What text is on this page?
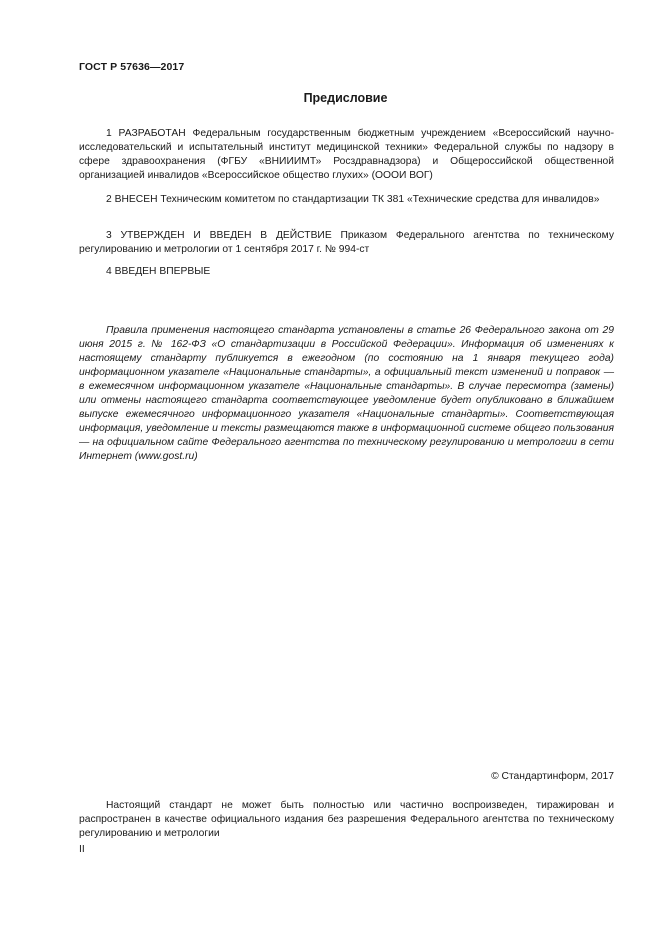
ГОСТ Р 57636—2017
Предисловие

1 РАЗРАБОТАН Федеральным государственным бюджетным учреждением «Всероссийский научно-исследовательский и испытательный институт медицинской техники» Федеральной службы по надзору в сфере здравоохранения (ФГБУ «ВНИИИМТ» Росздравнадзора) и Общероссийской общественной организацией инвалидов «Всероссийское общество глухих» (ОООИ ВОГ)

2 ВНЕСЕН Техническим комитетом по стандартизации ТК 381 «Технические средства для инвалидов»

3 УТВЕРЖДЕН И ВВЕДЕН В ДЕЙСТВИЕ Приказом Федерального агентства по техническому регулированию и метрологии от 1 сентября 2017 г. № 994-ст

4 ВВЕДЕН ВПЕРВЫЕ

Правила применения настоящего стандарта установлены в статье 26 Федерального закона от 29 июня 2015 г. № 162-ФЗ «О стандартизации в Российской Федерации». Информация об изменениях к настоящему стандарту публикуется в ежегодном (по состоянию на 1 января текущего года) информационном указателе «Национальные стандарты», а официальный текст изменений и поправок — в ежемесячном информационном указателе «Национальные стандарты». В случае пересмотра (замены) или отмены настоящего стандарта соответствующее уведомление будет опубликовано в ближайшем выпуске ежемесячного информационного указателя «Национальные стандарты». Соответствующая информация, уведомление и тексты размещаются также в информационной системе общего пользования — на официальном сайте Федерального агентства по техническому регулированию и метрологии в сети Интернет (www.gost.ru)

© Стандартинформ, 2017

Настоящий стандарт не может быть полностью или частично воспроизведен, тиражирован и распространен в качестве официального издания без разрешения Федерального агентства по техническому регулированию и метрологии

II
